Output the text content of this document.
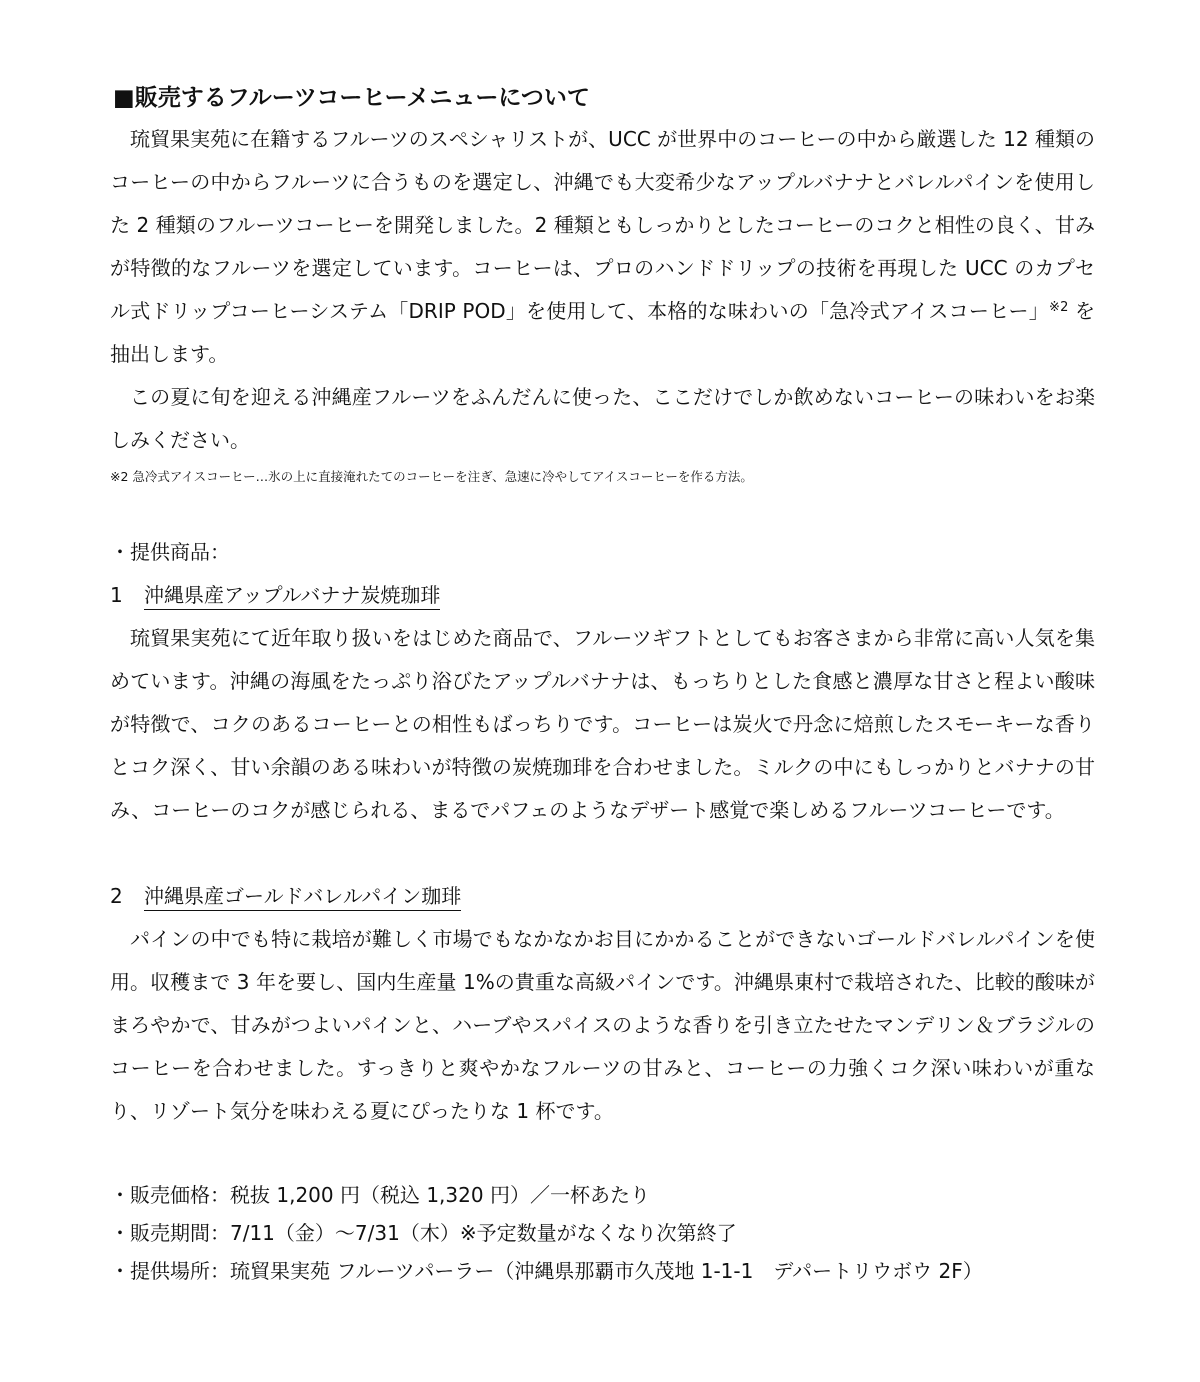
■販売するフルーツコーヒーメニューについて

琉貿果実苑に在籍するフルーツのスペシャリストが、UCC が世界中のコーヒーの中から厳選した 12 種類のコーヒーの中からフルーツに合うものを選定し、沖縄でも大変希少なアップルバナナとバレルパインを使用した 2 種類のフルーツコーヒーを開発しました。2 種類ともしっかりとしたコーヒーのコクと相性の良く、甘みが特徴的なフルーツを選定しています。コーヒーは、プロのハンドドリップの技術を再現した UCC のカプセル式ドリップコーヒーシステム「DRIP POD」を使用して、本格的な味わいの「急冷式アイスコーヒー」$^{※2}$ を抽出します。

この夏に旬を迎える沖縄産フルーツをふんだんに使った、ここだけでしか飲めないコーヒーの味わいをお楽しみください。

※2 急冷式アイスコーヒー…氷の上に直接淹れたてのコーヒーを注ぎ、急速に冷やしてアイスコーヒーを作る方法。
・提供商品：
1 沖縄県産アップルバナナ炭焼珈琲

琉貿果実苑にて近年取り扱いをはじめた商品で、フルーツギフトとしてもお客さまから非常に高い人気を集めています。沖縄の海風をたっぷり浴びたアップルバナナは、もっちりとした食感と濃厚な甘さと程よい酸味が特徴で、コクのあるコーヒーとの相性もばっちりです。コーヒーは炭火で丹念に焙煎したスモーキーな香りとコク深く、甘い余韻のある味わいが特徴の炭焼珈琲を合わせました。ミルクの中にもしっかりとバナナの甘み、コーヒーのコクが感じられる、まるでパフェのようなデザート感覚で楽しめるフルーツコーヒーです。

2 沖縄県産ゴールドバレルパイン珈琲

パインの中でも特に栽培が難しく市場でもなかなかお目にかかることができないゴールドバレルパインを使用。収穫まで 3 年を要し、国内生産量 1%の貴重な高級パインです。沖縄県東村で栽培された、比較的酸味がまろやかで、甘みがつよいパインと、ハーブやスパイスのような香りを引き立たせたマンデリン＆ブラジルのコーヒーを合わせました。すっきりと爽やかなフルーツの甘みと、コーヒーの力強くコク深い味わいが重なり、リゾート気分を味わえる夏にぴったりな 1 杯です。

・販売価格：税抜 1,200 円（税込 1,320 円）／一杯あたり
・販売期間：7/11（金）～7/31（木）※予定数量がなくなり次第終了
・提供場所：琉貿果実苑 フルーツパーラー（沖縄県那覇市久茂地 1-1-1　デパートリウボウ 2F）
